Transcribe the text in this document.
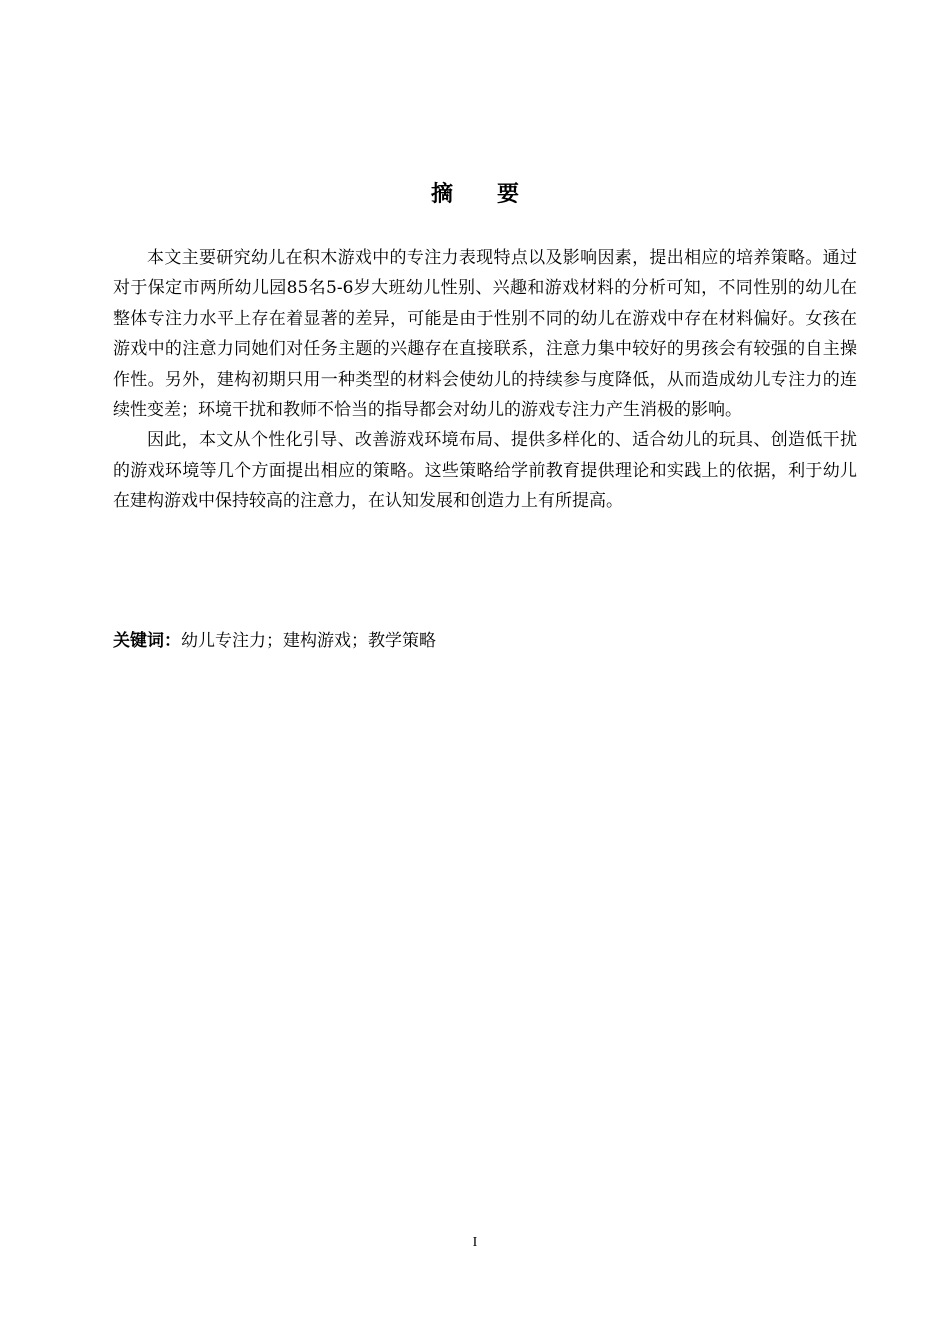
摘要

本文主要研究幼儿在积木游戏中的专注力表现特点以及影响因素，提出相应的培养策略。通过对于保定市两所幼儿园85名5-6岁大班幼儿性别、兴趣和游戏材料的分析可知，不同性别的幼儿在整体专注力水平上存在着显著的差异，可能是由于性别不同的幼儿在游戏中存在材料偏好。女孩在游戏中的注意力同她们对任务主题的兴趣存在直接联系，注意力集中较好的男孩会有较强的自主操作性。另外，建构初期只用一种类型的材料会使幼儿的持续参与度降低，从而造成幼儿专注力的连续性变差；环境干扰和教师不恰当的指导都会对幼儿的游戏专注力产生消极的影响。

因此，本文从个性化引导、改善游戏环境布局、提供多样化的、适合幼儿的玩具、创造低干扰的游戏环境等几个方面提出相应的策略。这些策略给学前教育提供理论和实践上的依据，利于幼儿在建构游戏中保持较高的注意力，在认知发展和创造力上有所提高。

关键词：幼儿专注力；建构游戏；教学策略
I
